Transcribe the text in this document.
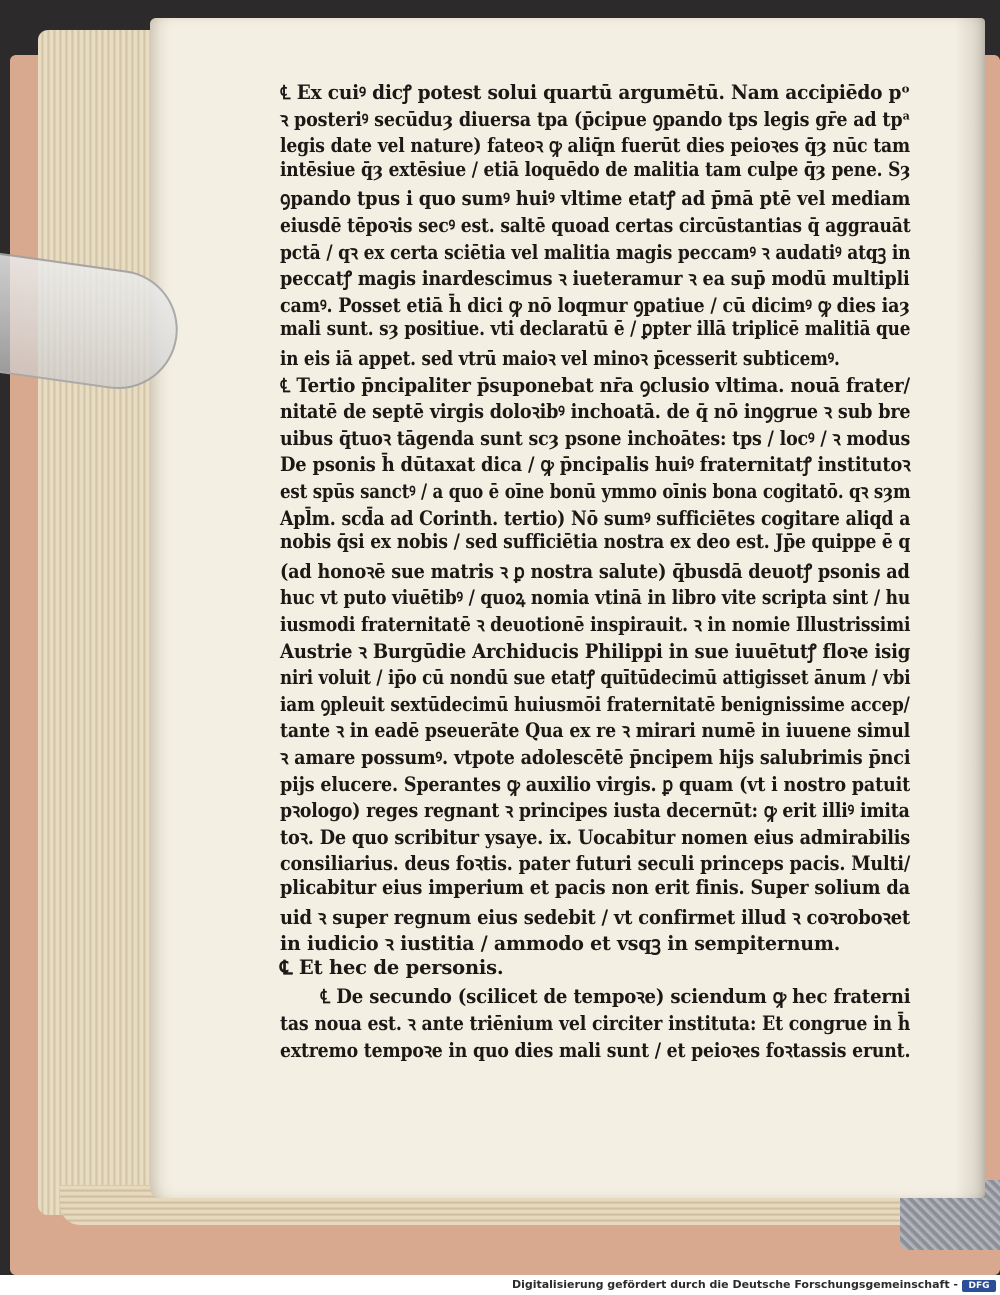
℄ Ex cuiꝰ dicꝭ potest solui quartū argumētū. Nam accipiēdo pᵒ
ꝛ posteriꝰ secūduȝ diuersa tpa (p̄cipue ꝯpando tps legis gr̄e ad tpᵃ
legis date vel nature) fateoꝛ ꝙ aliq̄n fuerūt dies peioꝛes q̄ȝ nūc tam
intēsiue q̄ȝ extēsiue / etiā loquēdo de malitia tam culpe q̄ȝ pene. Sȝ
ꝯpando tpus i quo sumꝰ huiꝰ vltime etatꝭ ad p̄mā ptē vel mediam
eiusdē tēpoꝛis secꝰ est. saltē quoad certas circūstantias q̄ aggrauāt
pctā / qꝛ ex certa sciētia vel malitia magis peccamꝰ ꝛ audatiꝰ atqꝫ in
peccatꝭ magis inardescimus ꝛ iueteramur ꝛ ea sup̄ modū multipli
camꝰ. Posset etiā h̄ dici ꝙ nō loqmur ꝯpatiue / cū dicimꝰ ꝙ dies iaȝ
mali sunt. sȝ positiue. vti declaratū ē / ꝑpter illā triplicē malitiā que
in eis iā appet. sed vtrū maioꝛ vel minoꝛ p̄cesserit subticemꝰ.
℄ Tertio p̄ncipaliter p̄suponebat nr̄a ꝯclusio vltima. nouā frater/
nitatē de septē virgis doloꝛibꝰ inchoatā. de q̄ nō inꝯgrue ꝛ sub bre
uibus q̄tuoꝛ tāgenda sunt scȝ psone inchoātes: tps / locꝰ / ꝛ modus
De psonis h̄ dūtaxat dica / ꝙ p̄ncipalis huiꝰ fraternitatꝭ institutoꝛ
est spūs sanctꝰ / a quo ē oīne bonū ymmo oīnis bona cogitatō. qꝛ sȝm
Apl̄m. scd̄a ad Corinth. tertio) Nō sumꝰ sufficiētes cogitare aliqd a
nobis q̄si ex nobis / sed sufficiētia nostra ex deo est. Jp̄e quippe ē q
(ad honoꝛē sue matris ꝛ ꝑ nostra salute) q̄busdā deuotꝭ psonis ad
huc vt puto viuētibꝰ / quoꝝ nomia vtinā in libro vite scripta sint / hu
iusmodi fraternitatē ꝛ deuotionē inspirauit. ꝛ in nomie Illustrissimi
Austrie ꝛ Burgūdie Archiducis Philippi in sue iuuētutꝭ floꝛe isig
niri voluit / ip̄o cū nondū sue etatꝭ quītūdecimū attigisset ānum / vbi
iam ꝯpleuit sextūdecimū huiusmōi fraternitatē benignissime accep/
tante ꝛ in eadē pseuerāte Qua ex re ꝛ mirari numē in iuuene simul
ꝛ amare possumꝰ. vtpote adolescētē p̄ncipem hijs salubrimis p̄nci
pijs elucere. Sperantes ꝙ auxilio virgis. ꝑ quam (vt i nostro patuit
pꝛologo) reges regnant ꝛ principes iusta decernūt: ꝙ erit illiꝰ imita
toꝛ. De quo scribitur ysaye. ix. Uocabitur nomen eius admirabilis
consiliarius. deus foꝛtis. pater futuri seculi princeps pacis. Multi/
plicabitur eius imperium et pacis non erit finis. Super solium da
uid ꝛ super regnum eius sedebit / vt confirmet illud ꝛ coꝛroboꝛet
in iudicio ꝛ iustitia / ammodo et vsqꝫ in sempiternum.
℄ Et hec de personis.
℄ De secundo (scilicet de tempoꝛe) sciendum ꝙ hec fraterni
tas noua est. ꝛ ante triēnium vel circiter instituta: Et congrue in h̄
extremo tempoꝛe in quo dies mali sunt / et peioꝛes foꝛtassis erunt.
Digitalisierung gefördert durch die Deutsche Forschungsgemeinschaft -	DFG
